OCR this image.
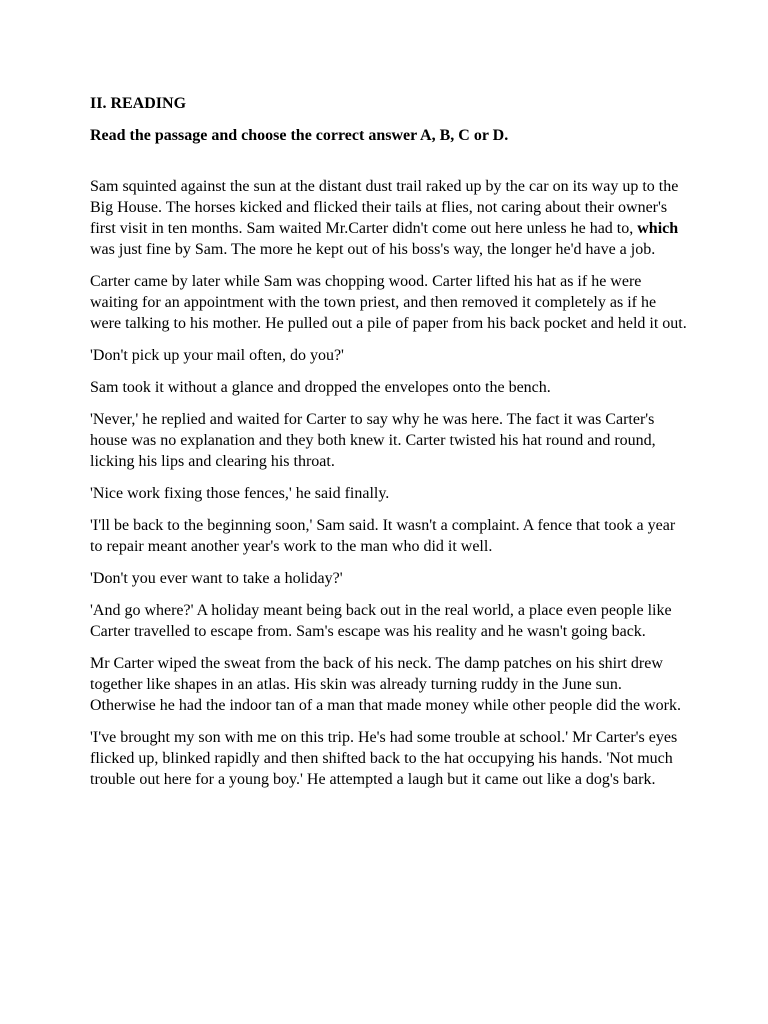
II. READING
Read the passage and choose the correct answer A, B, C or D.

Sam squinted against the sun at the distant dust trail raked up by the car on its way up to the Big House. The horses kicked and flicked their tails at flies, not caring about their owner's first visit in ten months. Sam waited Mr.Carter didn't come out here unless he had to, which was just fine by Sam. The more he kept out of his boss's way, the longer he'd have a job.

Carter came by later while Sam was chopping wood. Carter lifted his hat as if he were waiting for an appointment with the town priest, and then removed it completely as if he were talking to his mother. He pulled out a pile of paper from his back pocket and held it out.

'Don't pick up your mail often, do you?'

Sam took it without a glance and dropped the envelopes onto the bench.

'Never,' he replied and waited for Carter to say why he was here. The fact it was Carter's house was no explanation and they both knew it. Carter twisted his hat round and round, licking his lips and clearing his throat.

'Nice work fixing those fences,' he said finally.

'I'll be back to the beginning soon,' Sam said. It wasn't a complaint. A fence that took a year to repair meant another year's work to the man who did it well.

'Don't you ever want to take a holiday?'

'And go where?' A holiday meant being back out in the real world, a place even people like Carter travelled to escape from. Sam's escape was his reality and he wasn't going back.

Mr Carter wiped the sweat from the back of his neck. The damp patches on his shirt drew together like shapes in an atlas. His skin was already turning ruddy in the June sun. Otherwise he had the indoor tan of a man that made money while other people did the work.

'I've brought my son with me on this trip. He's had some trouble at school.' Mr Carter's eyes flicked up, blinked rapidly and then shifted back to the hat occupying his hands. 'Not much trouble out here for a young boy.' He attempted a laugh but it came out like a dog's bark.
